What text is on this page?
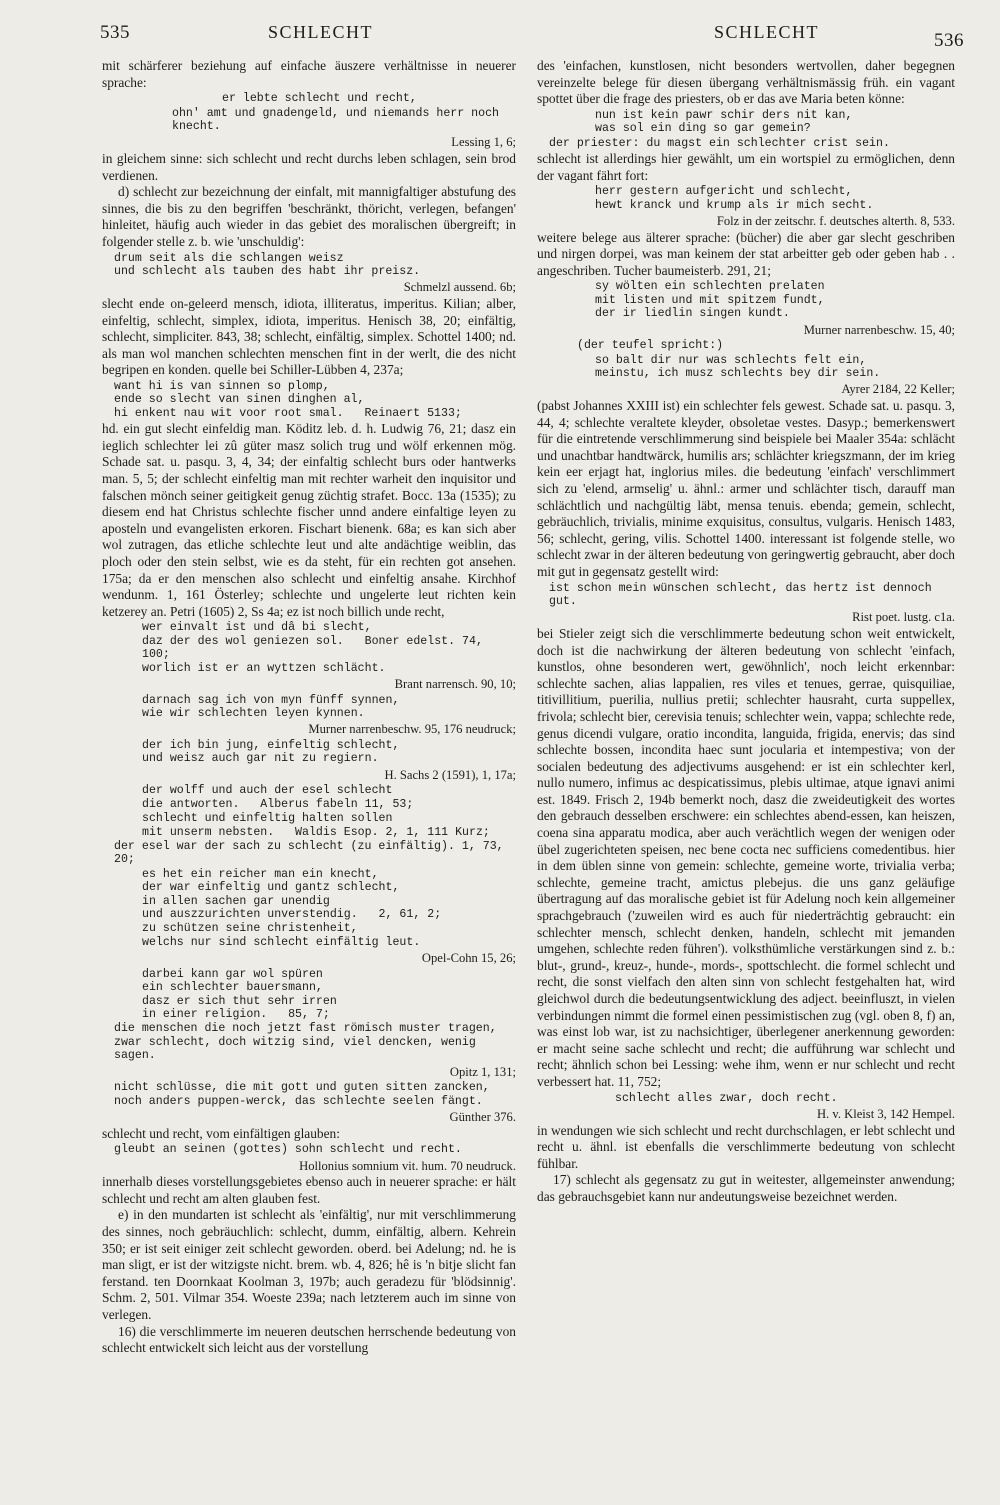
535	SCHLECHT	SCHLECHT	536

mit schärferer beziehung auf einfache äuszere verhältnisse in neuerer sprache:

er lebte schlecht und recht,

ohn' amt und gnadengeld, und niemands herr noch knecht.

Lessing 1, 6;

in gleichem sinne: sich schlecht und recht durchs leben schlagen, sein brod verdienen.

d) schlecht zur bezeichnung der einfalt, mit mannigfaltiger abstufung des sinnes, die bis zu den begriffen 'beschränkt, thöricht, verlegen, befangen' hinleitet, häufig auch wieder in das gebiet des moralischen übergreift; in folgender stelle z. b. wie 'unschuldig':

drum seit als die schlangen weisz
und schlecht als tauben des habt ihr preisz.

Schmelzl aussend. 6b;

slecht ende on-geleerd mensch, idiota, illiteratus, imperitus. Kilian; alber, einfeltig, schlecht, simplex, idiota, imperitus. Henisch 38, 20; einfältig, schlecht, simpliciter. 843, 38; schlecht, einfältig, simplex. Schottel 1400; nd. als man wol manchen schlechten menschen fint in der werlt, die des nicht begripen en konden. quelle bei Schiller-Lübben 4, 237a;

want hi is van sinnen so plomp,
ende so slecht van sinen dinghen al,
hi enkent nau wit voor root smal.   Reinaert 5133;

hd. ein gut slecht einfeldig man. Köditz leb. d. h. Ludwig 76, 21; dasz ein ieglich schlechter lei zû güter masz solich trug und wölf erkennen mög. Schade sat. u. pasqu. 3, 4, 34; der einfaltig schlecht burs oder hantwerks man. 5, 5; der schlecht einfeltig man mit rechter warheit den inquisitor und falschen mönch seiner geitigkeit genug züchtig strafet. Bocc. 13a (1535); zu diesem end hat Christus schlechte fischer unnd andere einfaltige leyen zu aposteln und evangelisten erkoren. Fischart bienenk. 68a; es kan sich aber wol zutragen, das etliche schlechte leut und alte andächtige weiblin, das ploch oder den stein selbst, wie es da steht, für ein rechten got ansehen. 175a; da er den menschen also schlecht und einfeltig ansahe. Kirchhof wendunm. 1, 161 Österley; schlechte und ungelerte leut richten kein ketzerey an. Petri (1605) 2, Ss 4a; ez ist noch billich unde recht,

wer einvalt ist und dâ bi slecht,
daz der des wol geniezen sol.   Boner edelst. 74, 100;
worlich ist er an wyttzen schlächt.

Brant narrensch. 90, 10;

darnach sag ich von myn fünff synnen,
wie wir schlechten leyen kynnen.

Murner narrenbeschw. 95, 176 neudruck;

der ich bin jung, einfeltig schlecht,
und weisz auch gar nit zu regiern.

H. Sachs 2 (1591), 1, 17a;

der wolff und auch der esel schlecht
die antworten.   Alberus fabeln 11, 53;

schlecht und einfeltig halten sollen
mit unserm nebsten.   Waldis Esop. 2, 1, 111 Kurz;

der esel war der sach zu schlecht (zu einfältig). 1, 73, 20;

es het ein reicher man ein knecht,
der war einfeltig und gantz schlecht,
in allen sachen gar unendig
und auszzurichten unverstendig.   2, 61, 2;

zu schützen seine christenheit,
welchs nur sind schlecht einfältig leut.

Opel-Cohn 15, 26;

darbei kann gar wol spüren
ein schlechter bauersmann,
dasz er sich thut sehr irren
in einer religion.   85, 7;

die menschen die noch jetzt fast römisch muster tragen,
zwar schlecht, doch witzig sind, viel dencken, wenig sagen.

Opitz 1, 131;

nicht schlüsse, die mit gott und guten sitten zancken,
noch anders puppen-werck, das schlechte seelen fängt.

Günther 376.

schlecht und recht, vom einfältigen glauben:

gleubt an seinen (gottes) sohn schlecht und recht.

Hollonius somnium vit. hum. 70 neudruck.

innerhalb dieses vorstellungsgebietes ebenso auch in neuerer sprache: er hält schlecht und recht am alten glauben fest.

e) in den mundarten ist schlecht als 'einfältig', nur mit verschlimmerung des sinnes, noch gebräuchlich: schlecht, dumm, einfältig, albern. Kehrein 350; er ist seit einiger zeit schlecht geworden. oberd. bei Adelung; nd. he is man sligt, er ist der witzigste nicht. brem. wb. 4, 826; hê is 'n bitje slicht fan ferstand. ten Doornkaat Koolman 3, 197b; auch geradezu für 'blödsinnig'. Schm. 2, 501. Vilmar 354. Woeste 239a; nach letzterem auch im sinne von verlegen.

16) die verschlimmerte im neueren deutschen herrschende bedeutung von schlecht entwickelt sich leicht aus der vorstellung

des 'einfachen, kunstlosen, nicht besonders wertvollen, daher begegnen vereinzelte belege für diesen übergang verhältnismässig früh. ein vagant spottet über die frage des priesters, ob er das ave Maria beten könne:

nun ist kein pawr schir ders nit kan,
was sol ein ding so gar gemein?

der priester: du magst ein schlechter crist sein.

schlecht ist allerdings hier gewählt, um ein wortspiel zu ermöglichen, denn der vagant fährt fort:

herr gestern aufgericht und schlecht,
hewt kranck und krump als ir mich secht.

Folz in der zeitschr. f. deutsches alterth. 8, 533.

weitere belege aus älterer sprache: (bücher) die aber gar slecht geschriben und nirgen dorpei, was man keinem der stat arbeitter geb oder geben hab . . angeschriben. Tucher baumeisterb. 291, 21;

sy wölten ein schlechten prelaten
mit listen und mit spitzem fundt,
der ir liedlin singen kundt.

Murner narrenbeschw. 15, 40;

(der teufel spricht:)

so balt dir nur was schlechts felt ein,
meinstu, ich musz schlechts bey dir sein.

Ayrer 2184, 22 Keller;

(pabst Johannes XXIII ist) ein schlechter fels gewest. Schade sat. u. pasqu. 3, 44, 4; schlechte veraltete kleyder, obsoletae vestes. Dasyp.; bemerkenswert für die eintretende verschlimmerung sind beispiele bei Maaler 354a: schlächt und unachtbar handtwärck, humilis ars; schlächter kriegszmann, der im krieg kein eer erjagt hat, inglorius miles. die bedeutung 'einfach' verschlimmert sich zu 'elend, armselig' u. ähnl.: armer und schlächter tisch, darauff man schlächtlich und nachgültig läbt, mensa tenuis. ebenda; gemein, schlecht, gebräuchlich, trivialis, minime exquisitus, consultus, vulgaris. Henisch 1483, 56; schlecht, gering, vilis. Schottel 1400. interessant ist folgende stelle, wo schlecht zwar in der älteren bedeutung von geringwertig gebraucht, aber doch mit gut in gegensatz gestellt wird:

ist schon mein wünschen schlecht, das hertz ist dennoch gut.

Rist poet. lustg. c1a.

bei Stieler zeigt sich die verschlimmerte bedeutung schon weit entwickelt, doch ist die nachwirkung der älteren bedeutung von schlecht 'einfach, kunstlos, ohne besonderen wert, gewöhnlich', noch leicht erkennbar: schlechte sachen, alias lappalien, res viles et tenues, gerrae, quisquiliae, titivillitium, puerilia, nullius pretii; schlechter hausraht, curta suppellex, frivola; schlecht bier, cerevisia tenuis; schlechter wein, vappa; schlechte rede, genus dicendi vulgare, oratio incondita, languida, frigida, enervis; das sind schlechte bossen, incondita haec sunt jocularia et intempestiva; von der socialen bedeutung des adjectivums ausgehend: er ist ein schlechter kerl, nullo numero, infimus ac despicatissimus, plebis ultimae, atque ignavi animi est. 1849. Frisch 2, 194b bemerkt noch, dasz die zweideutigkeit des wortes den gebrauch desselben erschwere: ein schlechtes abend-essen, kan heiszen, coena sina apparatu modica, aber auch verächtlich wegen der wenigen oder übel zugerichteten speisen, nec bene cocta nec sufficiens comedentibus. hier in dem üblen sinne von gemein: schlechte, gemeine worte, trivialia verba; schlechte, gemeine tracht, amictus plebejus. die uns ganz geläufige übertragung auf das moralische gebiet ist für Adelung noch kein allgemeiner sprachgebrauch ('zuweilen wird es auch für niederträchtig gebraucht: ein schlechter mensch, schlecht denken, handeln, schlecht mit jemanden umgehen, schlechte reden führen'). volksthümliche verstärkungen sind z. b.: blut-, grund-, kreuz-, hunde-, mords-, spottschlecht. die formel schlecht und recht, die sonst vielfach den alten sinn von schlecht festgehalten hat, wird gleichwol durch die bedeutungsentwicklung des adject. beeinfluszt, in vielen verbindungen nimmt die formel einen pessimistischen zug (vgl. oben 8, f) an, was einst lob war, ist zu nachsichtiger, überlegener anerkennung geworden: er macht seine sache schlecht und recht; die aufführung war schlecht und recht; ähnlich schon bei Lessing: wehe ihm, wenn er nur schlecht und recht verbessert hat. 11, 752;

schlecht alles zwar, doch recht.

H. v. Kleist 3, 142 Hempel.

in wendungen wie sich schlecht und recht durchschlagen, er lebt schlecht und recht u. ähnl. ist ebenfalls die verschlimmerte bedeutung von schlecht fühlbar.

17) schlecht als gegensatz zu gut in weitester, allgemeinster anwendung; das gebrauchsgebiet kann nur andeutungsweise bezeichnet werden.
